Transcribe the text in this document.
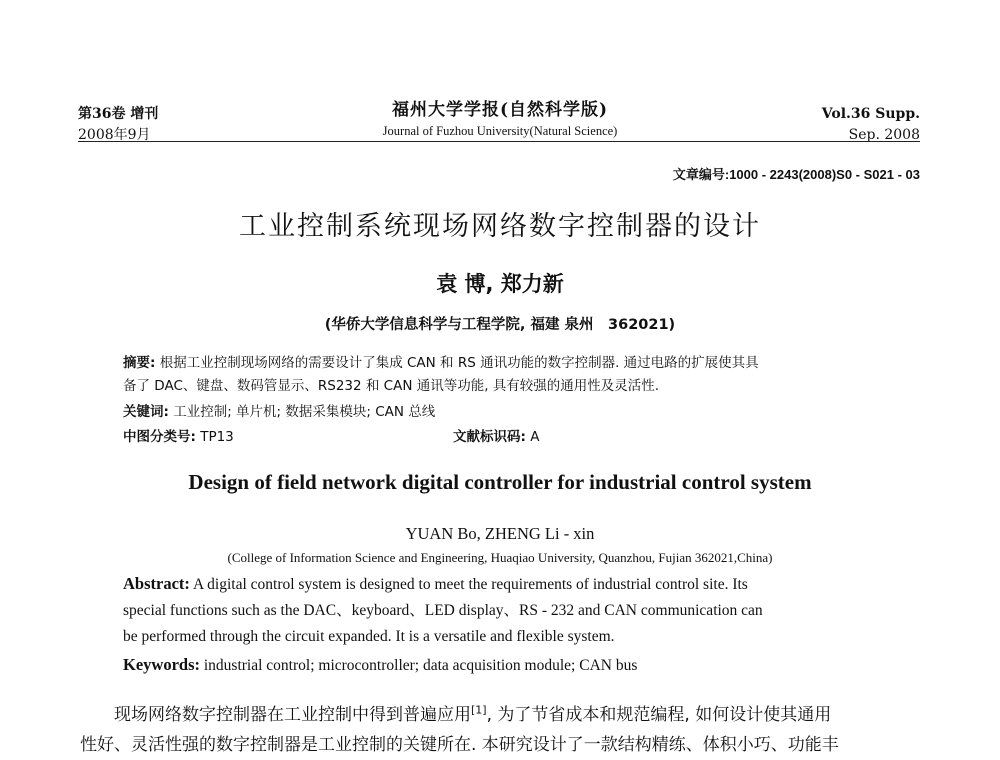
第36卷 增刊
2008年9月
福州大学学报(自然科学版)
Journal of Fuzhou University(Natural Science)
Vol.36 Supp.
Sep. 2008
文章编号:1000 - 2243(2008)S0 - S021 - 03
工业控制系统现场网络数字控制器的设计
袁 博, 郑力新
(华侨大学信息科学与工程学院, 福建 泉州　362021)
摘要: 根据工业控制现场网络的需要设计了集成 CAN 和 RS 通讯功能的数字控制器. 通过电路的扩展使其具
备了 DAC、键盘、数码管显示、RS232 和 CAN 通讯等功能, 具有较强的通用性及灵活性.
关键词: 工业控制; 单片机; 数据采集模块; CAN 总线
中图分类号: TP13	文献标识码: A
Design of field network digital controller for industrial control system
YUAN Bo, ZHENG Li - xin
(College of Information Science and Engineering, Huaqiao University, Quanzhou, Fujian 362021,China)
Abstract: A digital control system is designed to meet the requirements of industrial control site. Its
special functions such as the DAC、keyboard、LED display、RS - 232 and CAN communication can
be performed through the circuit expanded. It is a versatile and flexible system.
Keywords: industrial control; microcontroller; data acquisition module; CAN bus
现场网络数字控制器在工业控制中得到普遍应用[1], 为了节省成本和规范编程, 如何设计使其通用
性好、灵活性强的数字控制器是工业控制的关键所在. 本研究设计了一款结构精练、体积小巧、功能丰
